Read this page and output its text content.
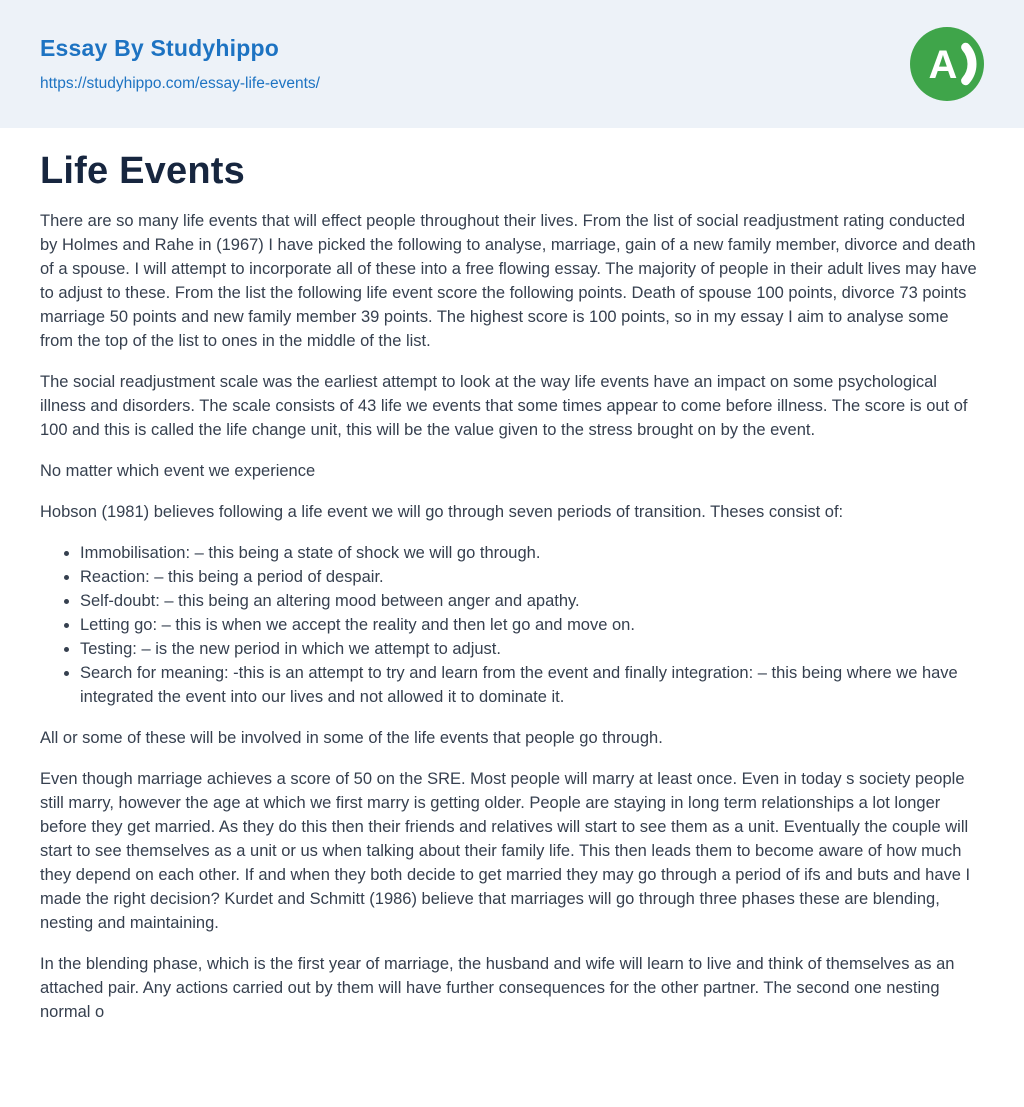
Essay By Studyhippo
https://studyhippo.com/essay-life-events/	A
Life Events

There are so many life events that will effect people throughout their lives. From the list of social readjustment rating conducted by Holmes and Rahe in (1967) I have picked the following to analyse, marriage, gain of a new family member, divorce and death of a spouse. I will attempt to incorporate all of these into a free flowing essay. The majority of people in their adult lives may have to adjust to these. From the list the following life event score the following points. Death of spouse 100 points, divorce 73 points marriage 50 points and new family member 39 points. The highest score is 100 points, so in my essay I aim to analyse some from the top of the list to ones in the middle of the list.

The social readjustment scale was the earliest attempt to look at the way life events have an impact on some psychological illness and disorders. The scale consists of 43 life we events that some times appear to come before illness. The score is out of 100 and this is called the life change unit, this will be the value given to the stress brought on by the event.

No matter which event we experience

Hobson (1981) believes following a life event we will go through seven periods of transition. Theses consist of:

• Immobilisation: – this being a state of shock we will go through.
• Reaction: – this being a period of despair.
• Self-doubt: – this being an altering mood between anger and apathy.
• Letting go: – this is when we accept the reality and then let go and move on.
• Testing: – is the new period in which we attempt to adjust.
• Search for meaning: -this is an attempt to try and learn from the event and finally integration: – this being where we have integrated the event into our lives and not allowed it to dominate it.

All or some of these will be involved in some of the life events that people go through.

Even though marriage achieves a score of 50 on the SRE. Most people will marry at least once. Even in today s society people still marry, however the age at which we first marry is getting older. People are staying in long term relationships a lot longer before they get married. As they do this then their friends and relatives will start to see them as a unit. Eventually the couple will start to see themselves as a unit or us when talking about their family life. This then leads them to become aware of how much they depend on each other. If and when they both decide to get married they may go through a period of ifs and buts and have I made the right decision? Kurdet and Schmitt (1986) believe that marriages will go through three phases these are blending, nesting and maintaining.

In the blending phase, which is the first year of marriage, the husband and wife will learn to live and think of themselves as an attached pair. Any actions carried out by them will have further consequences for the other partner. The second one nesting normal o
